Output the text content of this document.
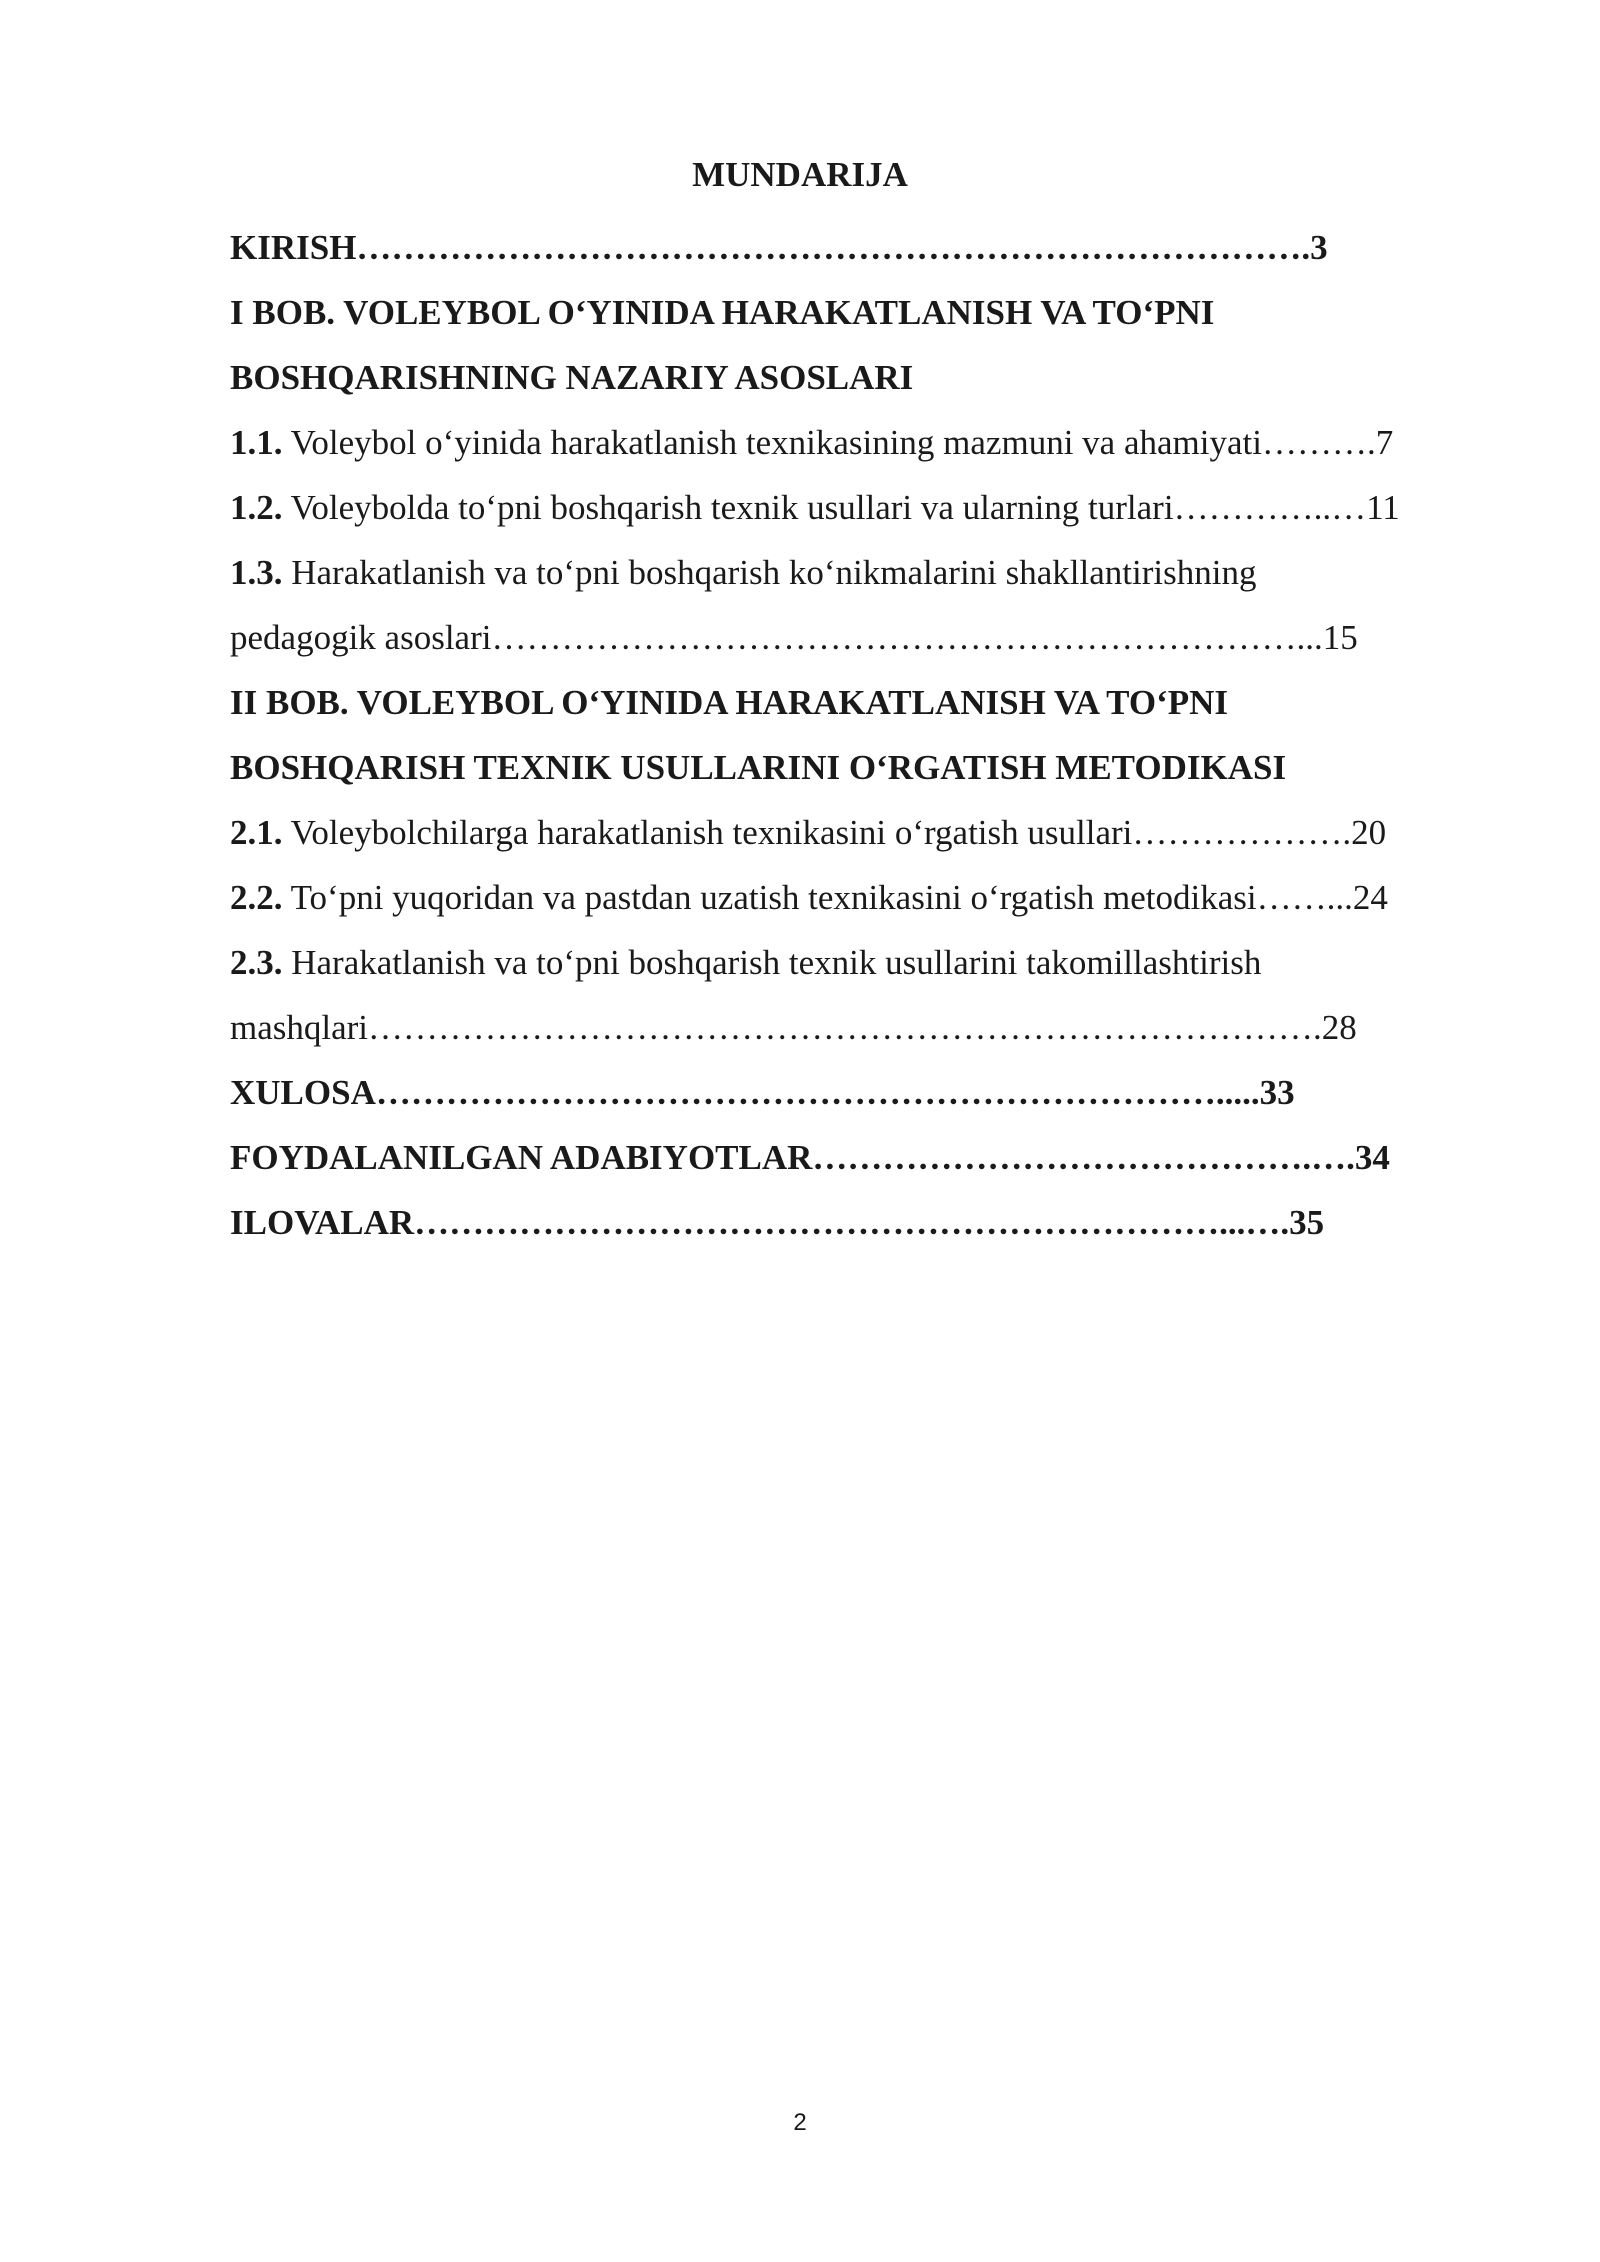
MUNDARIJA
KIRISH……………………………………………………………………….3
I BOB. VOLEYBOL O‘YINIDA HARAKATLANISH VA TO‘PNI
BOSHQARISHNING NAZARIY ASOSLARI
1.1. Voleybol o‘yinida harakatlanish texnikasining mazmuni va ahamiyati……….7
1.2. Voleybolda to‘pni boshqarish texnik usullari va ularning turlari…………..…11
1.3. Harakatlanish va to‘pni boshqarish ko‘nikmalarini shakllantirishning
pedagogik asoslari……………………………………………………………...15
II BOB. VOLEYBOL O‘YINIDA HARAKATLANISH VA TO‘PNI
BOSHQARISH TEXNIK USULLARINI O‘RGATISH METODIKASI
2.1. Voleybolchilarga harakatlanish texnikasini o‘rgatish usullari……………….20
2.2. To‘pni yuqoridan va pastdan uzatish texnikasini o‘rgatish metodikasi……...24
2.3. Harakatlanish va to‘pni boshqarish texnik usullarini takomillashtirish
mashqlari……………………………………………………………………….28
XULOSA……………………………………………………………….....33
FOYDALANILGAN ADABIYOTLAR…………………………………….….34
ILOVALAR……………………………………………………………...….35
2
